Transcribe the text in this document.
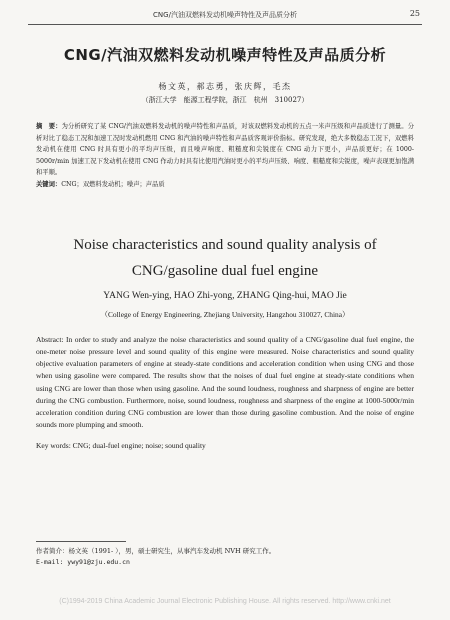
CNG/汽油双燃料发动机噪声特性及声品质分析	25
CNG/汽油双燃料发动机噪声特性及声品质分析
杨文英，郝志勇，张庆辉，毛杰
（浙江大学　能源工程学院，浙江　杭州　310027）
摘　要：为分析研究了某 CNG/汽油双燃料发动机的噪声特性和声品质，对该双燃料发动机的五点一米声压级和声品质进行了测量。分析对比了稳态工况和加速工况时发动机燃用 CNG 和汽油的噪声特性和声品质客观评价指标。研究发现，绝大多数稳态工况下，双燃料发动机在使用 CNG 时具有更小的平均声压级，而且噪声响度、粗糙度和尖锐度在 CNG 动力下更小，声品质更好；在 1000-5000r/min 加速工况下发动机在使用 CNG 作动力时具有比使用汽油时更小的平均声压级、响度、粗糙度和尖锐度，噪声表现更加饱满和平顺。
关键词：CNG；双燃料发动机；噪声；声品质
Noise characteristics and sound quality analysis of
CNG/gasoline dual fuel engine
YANG Wen-ying, HAO Zhi-yong, ZHANG Qing-hui, MAO Jie
（College of Energy Engineering, Zhejiang University, Hangzhou 310027, China）
Abstract: In order to study and analyze the noise characteristics and sound quality of a CNG/gasoline dual fuel engine, the one-meter noise pressure level and sound quality of this engine were measured. Noise characteristics and sound quality objective evaluation parameters of engine at steady-state conditions and acceleration condition when using CNG and those when using gasoline were compared. The results show that the noises of dual fuel engine at steady-state conditions when using CNG are lower than those when using gasoline. And the sound loudness, roughness and sharpness of engine are better during the CNG combustion. Furthermore, noise, sound loudness, roughness and sharpness of the engine at 1000-5000r/min acceleration condition during CNG combustion are lower than those during gasoline combustion. And the noise of engine sounds more plumping and smooth.
Key words: CNG; dual-fuel engine; noise; sound quality
作者简介：杨文英（1991- ），男，硕士研究生，从事汽车发动机 NVH 研究工作。
E-mail: ywy91@zju.edu.cn
(C)1994-2019 China Academic Journal Electronic Publishing House. All rights reserved. http://www.cnki.net
